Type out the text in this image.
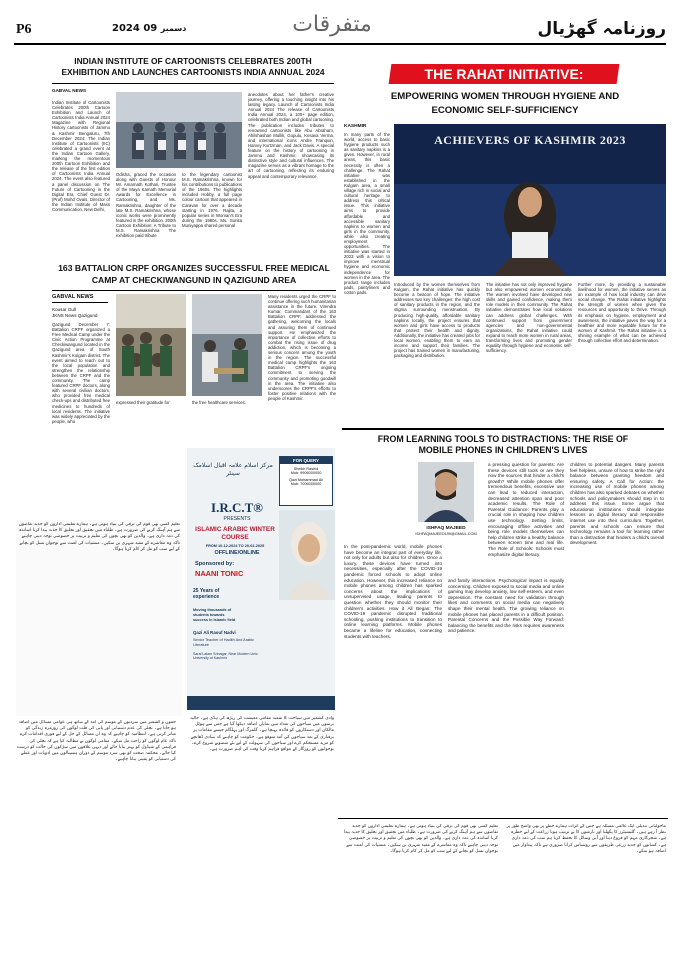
P6	2024	دسمبر 09	متفرقات	روزنامہ گھڑیال
INDIAN INSTITUTE OF CARTOONISTS CELEBRATES 200TH EXHIBITION AND LAUNCHES CARTOONISTS INDIA ANNUAL 2024
GABVAL NEWS
Indian Institute of Cartoonists Celebrates 200th Cartoon Exhibition and Launch of Cartoonists India Annual 2024 Magazine with Regional History cartoonists of Jammu & Kashmir Bengaluru, 7th December 2024: The Indian Institute of Cartoonists (IIC) celebrated a grand event at the Indian Cartoon Gallery, marking the momentous 200th Cartoon Exhibition and the release of the first edition of Cartoonists India Annual 2024. The event also featured a panel discussion on The Future of Cartooning in the Digital Era. Chief Guest Dr. (Prof) Mohd Ovais, Director of the Indian Institute of Mass Communication, New Delhi,
Odisha, graced the occasion along with Guests of Honour Mr. Amarnath Kothari, Trustee of the Maya Kamath Memorial Awards for Excellence in Cartooning, and Ms. Ramakrishna, daughter of the late M.S. Ramakrishna, whose iconic works were prominently featured in the exhibition. 200th Cartoon Exhibition: A Tribute to M.S. Ramakrishna The exhibition paid tribute
to the legendary cartoonist M.S. Ramakrishna, known for his contributions to publications of the 1960s. The highlights included Hobby, a full page colour cartoon that appeared in Caravan for over a decade starting in 1976. Rajita, a popular series in Woman's Era during the 1980s. Ms. Sunita Muniyappa shared personal
anecdotes about her father's creative journey, offering a touching insight into his lasting legacy. Launch of Cartoonists India Annual 2024 The release of Cartoonists India Annual 2024, a 100+ page edition, celebrated both Indian and global cartooning. The publication includes tributes to renowned cartoonists like Abu Abraham, Ahilshashan Mullik, Gopulu, Kesava Verma, and international icons Andre Franquin, Harvey Kurtzman, and Jack Davis. A special feature on the history of cartooning in Jammu and Kashmir, showcasing its distinctive style and cultural influences. The magazine serves as a vibrant homage to the art of cartooning, reflecting its enduring appeal and contemporary relevance.
163 BATTALION CRPF ORGANIZES SUCCESSFUL FREE MEDICAL CAMP AT CHECKIWANGUND IN QAZIGUND AREA
GABVAL NEWS
Kousar Gull
JKNS News Qazigund
Qazigund December 7: Battalion CRPF organized a Free Medical Camp under the Civic Action Programme at Checkiwangund located in the Qazigund area of South Kashmir's Kulgam district. The event aimed to reach out to the local population and strengthen the relationship between the CRPF and the community. The camp featured CRPF doctors, along with several civilian doctors, who provided free medical check-ups and distributed free medicines to hundreds of local residents. The initiative was widely appreciated by the people, who
expressed their gratitude for	the free healthcare services.
Many residents urged the CRPF to continue offering such humanitarian assistance in the future. Virendra Kumar, Commandant of the 163 Battalion CRPF, addressed the gathering, welcoming the locals and assuring them of continued support. He emphasized the importance of collective efforts to combat the rising issue of drug addiction, which is becoming a serious concern among the youth in the region. The successful medical camp highlights the 163 Battalion CRPF's ongoing commitment to serving the community and promoting goodwill in the area. The initiative also underscores the CRPF's efforts to foster positive relations with the people of Kashmir.
مرکز اسلام علامہ اقبال اسلامک سینٹر
FOR QUERY
Sheikh Rashid
Mob: 9906000000
Qazi Mohammad Ali
Mob: 7006000000
I.R.C.T®
PRESENTS
ISLAMIC ARABIC WINTER COURSE
FROM 10-12-2024 TO 20-02-2025
OFFLINE/ONLINE
Sponsored by:
NAANI TONIC
25 Years of experience
Moving thousands of students towards success in Islamic field
Qazi Ali Raouf Nadvi
Senior Teacher of Hadith And Arabic Literature
Sarai Lalam Srinagar, Near Modern Univ. University of Kashmir
THE RAHAT INITIATIVE:
EMPOWERING WOMEN THROUGH HYGIENE AND ECONOMIC SELF-SUFFICIENCY
ACHIEVERS OF KASHMIR 2023
KASHMIR
In many parts of the world, access to basic hygiene products such as sanitary napkins is a given. However, in rural areas, this basic necessity is often a challenge. The Rahat initiative was established in the Kulgam area, a small village rich in social and cultural heritage to address this critical issue. This initiative aims to provide affordable and accessible sanitary napkins to women and girls in the community, while also creating employment opportunities. The initiative was started in 2023 with a vision to improve menstrual hygiene and economic independence for women in the area. The product range includes pads, pantyliners and cotton pads.
Introduced by the women themselves from Kulgam, the Rahat initiative has quickly become a beacon of hope. The initiative addresses two key challenges: the high cost of sanitary products in the region, and the stigma surrounding menstruation. By producing high-quality, affordable sanitary napkins locally, the project ensures that women and girls have access to products that protect their health and dignity. Additionally, the initiative has created jobs for local women, enabling them to earn an income and support their families. The project has trained women in manufacturing, packaging and distribution.
The initiative has not only improved hygiene but also empowered women economically. The women involved have developed new skills and gained confidence, making them role models in their community. The Rahat initiative demonstrates how local solutions can address global challenges. With continued support from government agencies and non-governmental organizations, the Rahat initiative could expand to reach more women in rural areas, transforming lives and promoting gender equality through hygiene and economic self-sufficiency.
Further more, by providing a sustainable livelihood for women, the initiative serves as an example of how local industry can drive social change. The Rahat initiative highlights the strength of women when given the resources and opportunity to thrive. Through its emphasis on hygiene, employment and awareness, the initiative paves the way for a healthier and more equitable future for the women of Kashmir. The Rahat initiative is a shining example of what can be achieved through collective effort and determination.
FROM LEARNING TOOLS TO DISTRACTIONS: THE RISE OF MOBILE PHONES IN CHILDREN'S LIVES
ISHFAQ MAJEED
ISHFAQMAJEED199@GMAIL.COM
In the post-pandemic world, mobile phones have become an integral part of everyday life, not only for adults but also for children. Once a luxury, these devices have turned into necessities, especially after the COVID-19 pandemic forced schools to adopt online education. However, this increased reliance on mobile phones among children has sparked concerns about the implications of unsupervised usage, leading parents to question whether they should monitor their children's activities. How it All Began: The COVID-19 pandemic disrupted traditional schooling, pushing institutions to transition to online learning platforms. Mobile phones became a lifeline for education, connecting students with teachers.
a pressing question for parents: Are these devices still tools or are they now the sources that hinder a child's growth? While mobile phones offer tremendous benefits, excessive use can lead to reduced interaction, decreased attention span and poor academic results. The Role of Parental Guidance: Parents play a crucial role in shaping how children use technology. Setting limits, encouraging offline activities and being role models themselves can help children strike a healthy balance between screen time and real life. The Role of Schools: Schools must emphasize digital literacy.
and family interactions. Psychological impact is equally concerning. Children exposed to social media and online gaming may develop anxiety, low self-esteem, and even depression. The constant need for validation through likes and comments on social media can negatively shape their mental health. The growing reliance on mobile phones has placed parents in a difficult position. Parental Concerns and the Possible Way Forward: balancing the benefits and the risks requires awareness and patience.
children to potential dangers. Many parents feel helpless, unsure of how to strike the right balance between granting freedom and ensuring safety. A Call for Action: the increasing use of mobile phones among children has also sparked debates on whether schools and policymakers should step in to address this issue. Some argue that educational institutions should integrate lessons on digital literacy and responsible internet use into their curriculum. Together, parents and schools can ensure that technology remains a tool for learning rather than a distraction that hinders a child's overall development.
جموں و کشمیر میں سردیوں کے موسم کی آمد کے ساتھ ہی عوامی مسائل میں اضافہ ہو جاتا ہے۔ بجلی کی عدم دستیابی اور پانی کی قلت لوگوں کی روزمرہ زندگی کو متاثر کرتی ہے۔ انتظامیہ کو چاہیے کہ وہ ان مسائل کے حل کے لیے فوری اقدامات کرے تاکہ عام لوگوں کو راحت مل سکے۔ مقامی لوگوں نے مطالبہ کیا ہے کہ بجلی کی فراہمی کے شیڈول کو بہتر بنایا جائے اور دیہی علاقوں میں سڑکوں کی حالت کو درست کیا جائے۔ محکمہ صحت کو بھی سرد موسم کے دوران ہسپتالوں میں ادویات اور عملے کی دستیابی کو یقینی بنانا چاہیے۔
وادی کشمیر میں سیاحت کا شعبہ مقامی معیشت کی ریڑھ کی ہڈی ہے۔ حالیہ برسوں میں سیاحوں کی تعداد میں نمایاں اضافہ دیکھا گیا ہے جس سے ہوٹل مالکان اور دستکاروں کو فائدہ پہنچا ہے۔ گلمرگ اور پہلگام جیسے مقامات پر برفباری کے بعد سیاحوں کی آمد متوقع ہے۔ حکومت کو چاہیے کہ بنیادی ڈھانچے کو مزید مستحکم کرے اور سیاحوں کی سہولت کے لیے نئے منصوبے شروع کرے۔ نوجوانوں کو روزگار کے مواقع فراہم کرنا وقت کی اہم ضرورت ہے۔
تعلیم کسی بھی قوم کی ترقی کی بنیاد ہوتی ہے۔ ہمارے تعلیمی اداروں کو جدید تقاضوں سے ہم آہنگ کرنے کی ضرورت ہے۔ طلباء میں تحقیق اور تخلیق کا جذبہ پیدا کرنا اساتذہ کی ذمہ داری ہے۔ والدین کو بھی بچوں کی تعلیم و تربیت پر خصوصی توجہ دینی چاہیے تاکہ وہ معاشرے کے مفید شہری بن سکیں۔ منشیات کی لعنت سے نوجوان نسل کو بچانے کے لیے سب کو مل کر کام کرنا ہوگا۔
ماحولیاتی تبدیلی ایک عالمی مسئلہ ہے جس کے اثرات ہمارے خطے پر بھی واضح طور پر نظر آ رہے ہیں۔ گلیشیئرز کا پگھلنا اور بارشوں کا بے ترتیب ہونا زراعت کے لیے خطرہ ہے۔ شجرکاری مہم کو فروغ دینا اور آبی وسائل کا تحفظ کرنا ہم سب کی ذمہ داری ہے۔ کسانوں کو جدید زرعی طریقوں سے روشناس کرانا ضروری ہے تاکہ پیداوار میں اضافہ ہو سکے۔
تعلیم کسی بھی قوم کی ترقی کی بنیاد ہوتی ہے۔ ہمارے تعلیمی اداروں کو جدید تقاضوں سے ہم آہنگ کرنے کی ضرورت ہے۔ طلباء میں تحقیق اور تخلیق کا جذبہ پیدا کرنا اساتذہ کی ذمہ داری ہے۔ والدین کو بھی بچوں کی تعلیم و تربیت پر خصوصی توجہ دینی چاہیے تاکہ وہ معاشرے کے مفید شہری بن سکیں۔ منشیات کی لعنت سے نوجوان نسل کو بچانے کے لیے سب کو مل کر کام کرنا ہوگا۔
